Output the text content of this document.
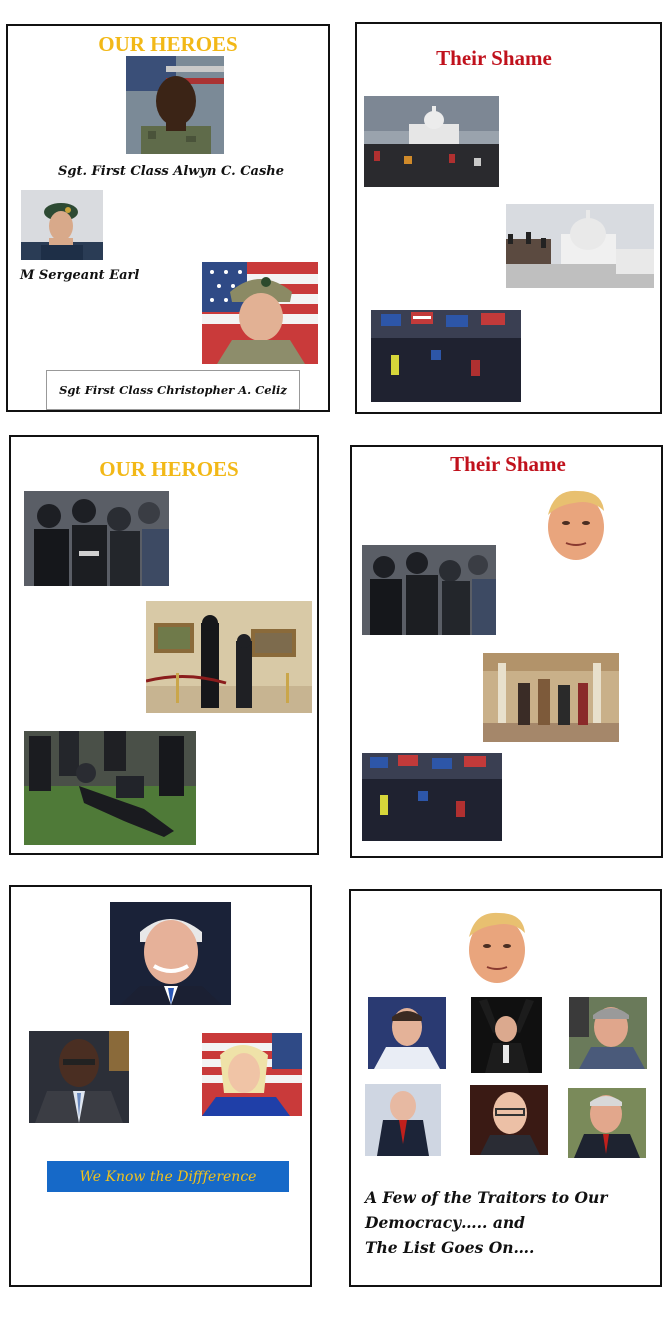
OUR HEROES
Sgt. First Class Alwyn C. Cashe
M Sergeant Earl
Sgt First Class Christopher A. Celiz
Their Shame
OUR HEROES	Their Shame
We Know the Diffference
A Few of the Traitors to Our
Democracy….. and
The List Goes On….
